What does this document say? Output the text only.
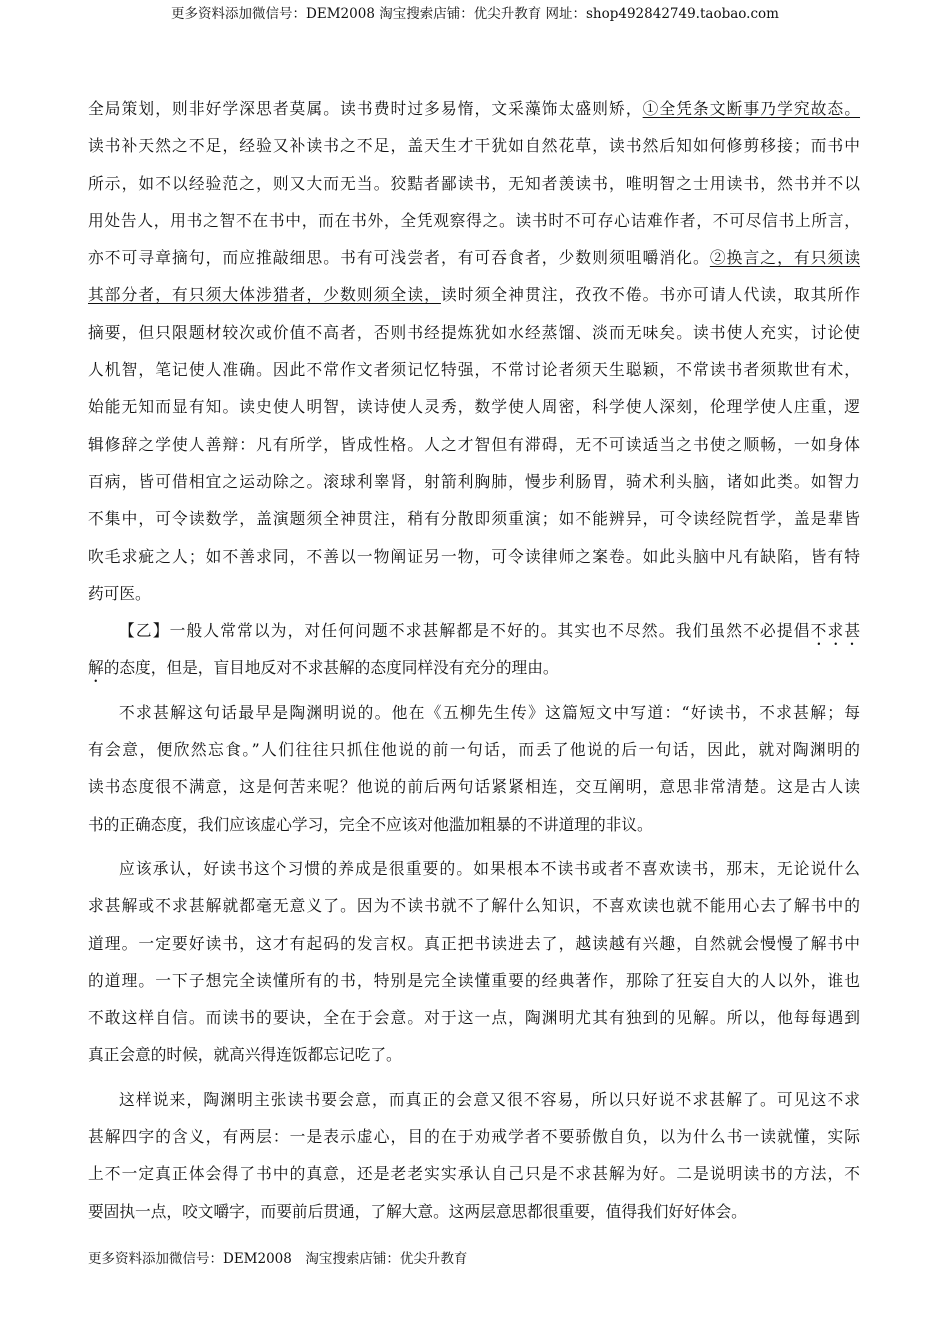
更多资料添加微信号：DEM2008 淘宝搜索店铺：优尖升教育 网址：shop492842749.taobao.com
全局策划，则非好学深思者莫属。读书费时过多易惰，文采藻饰太盛则矫，①全凭条文断事乃学究故态。
读书补天然之不足，经验又补读书之不足，盖天生才干犹如自然花草，读书然后知如何修剪移接；而书中
所示，如不以经验范之，则又大而无当。狡黠者鄙读书，无知者羡读书，唯明智之士用读书，然书并不以
用处告人，用书之智不在书中，而在书外，全凭观察得之。读书时不可存心诘难作者，不可尽信书上所言，
亦不可寻章摘句，而应推敲细思。书有可浅尝者，有可吞食者，少数则须咀嚼消化。②换言之，有只须读
其部分者，有只须大体涉猎者，少数则须全读，读时须全神贯注，孜孜不倦。书亦可请人代读，取其所作
摘要，但只限题材较次或价值不高者，否则书经提炼犹如水经蒸馏、淡而无味矣。读书使人充实，讨论使
人机智，笔记使人准确。因此不常作文者须记忆特强，不常讨论者须天生聪颖，不常读书者须欺世有术，
始能无知而显有知。读史使人明智，读诗使人灵秀，数学使人周密，科学使人深刻，伦理学使人庄重，逻
辑修辞之学使人善辩：凡有所学，皆成性格。人之才智但有滞碍，无不可读适当之书使之顺畅，一如身体
百病，皆可借相宜之运动除之。滚球利睾肾，射箭利胸肺，慢步利肠胃，骑术利头脑，诸如此类。如智力
不集中，可令读数学，盖演题须全神贯注，稍有分散即须重演；如不能辨异，可令读经院哲学，盖是辈皆
吹毛求疵之人；如不善求同，不善以一物阐证另一物，可令读律师之案卷。如此头脑中凡有缺陷，皆有特
药可医。
【乙】一般人常常以为，对任何问题不求甚解都是不好的。其实也不尽然。我们虽然不必提倡不求甚
解的态度，但是，盲目地反对不求甚解的态度同样没有充分的理由。
不求甚解这句话最早是陶渊明说的。他在《五柳先生传》这篇短文中写道：“好读书，不求甚解；每
有会意，便欣然忘食。”人们往往只抓住他说的前一句话，而丢了他说的后一句话，因此，就对陶渊明的
读书态度很不满意，这是何苦来呢？他说的前后两句话紧紧相连，交互阐明，意思非常清楚。这是古人读
书的正确态度，我们应该虚心学习，完全不应该对他滥加粗暴的不讲道理的非议。
应该承认，好读书这个习惯的养成是很重要的。如果根本不读书或者不喜欢读书，那末，无论说什么
求甚解或不求甚解就都毫无意义了。因为不读书就不了解什么知识，不喜欢读也就不能用心去了解书中的
道理。一定要好读书，这才有起码的发言权。真正把书读进去了，越读越有兴趣，自然就会慢慢了解书中
的道理。一下子想完全读懂所有的书，特别是完全读懂重要的经典著作，那除了狂妄自大的人以外，谁也
不敢这样自信。而读书的要诀，全在于会意。对于这一点，陶渊明尤其有独到的见解。所以，他每每遇到
真正会意的时候，就高兴得连饭都忘记吃了。
这样说来，陶渊明主张读书要会意，而真正的会意又很不容易，所以只好说不求甚解了。可见这不求
甚解四字的含义，有两层：一是表示虚心，目的在于劝戒学者不要骄傲自负，以为什么书一读就懂，实际
上不一定真正体会得了书中的真意，还是老老实实承认自己只是不求甚解为好。二是说明读书的方法，不
要固执一点，咬文嚼字，而要前后贯通，了解大意。这两层意思都很重要，值得我们好好体会。
更多资料添加微信号：DEM2008　淘宝搜索店铺：优尖升教育
